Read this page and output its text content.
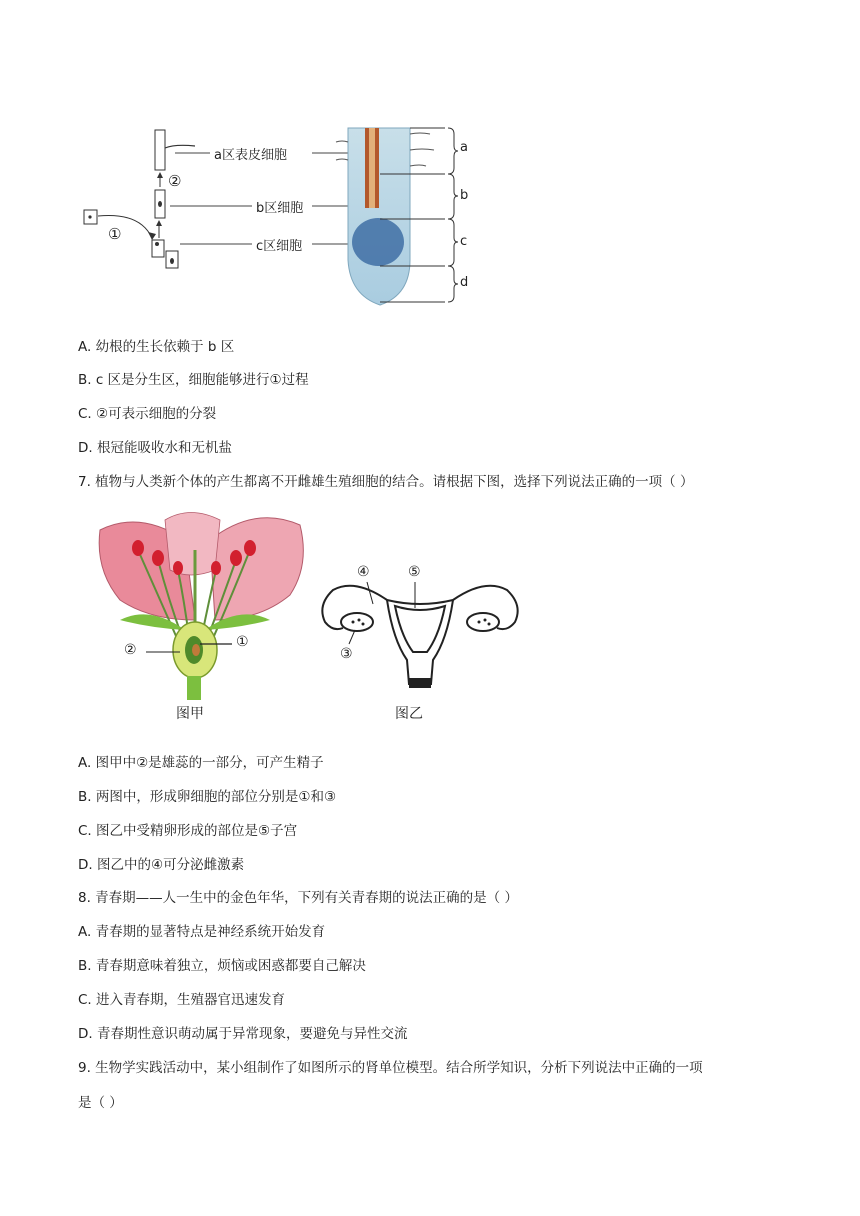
a区表皮细胞
b区细胞
c区细胞
①
②
a
b
c
d
A. 幼根的生长依赖于 b 区
B. c 区是分生区，细胞能够进行①过程
C. ②可表示细胞的分裂
D. 根冠能吸收水和无机盐
7. 植物与人类新个体的产生都离不开雌雄生殖细胞的结合。请根据下图，选择下列说法正确的一项（ ）
②	①
图甲
④	⑤
③
图乙
A. 图甲中②是雄蕊的一部分，可产生精子
B. 两图中，形成卵细胞的部位分别是①和③
C. 图乙中受精卵形成的部位是⑤子宫
D. 图乙中的④可分泌雌激素
8. 青春期——人一生中的金色年华，下列有关青春期的说法正确的是（ ）
A. 青春期的显著特点是神经系统开始发育
B. 青春期意味着独立，烦恼或困惑都要自己解决
C. 进入青春期，生殖器官迅速发育
D. 青春期性意识萌动属于异常现象，要避免与异性交流
9. 生物学实践活动中，某小组制作了如图所示的肾单位模型。结合所学知识，分析下列说法中正确的一项
是（ ）
